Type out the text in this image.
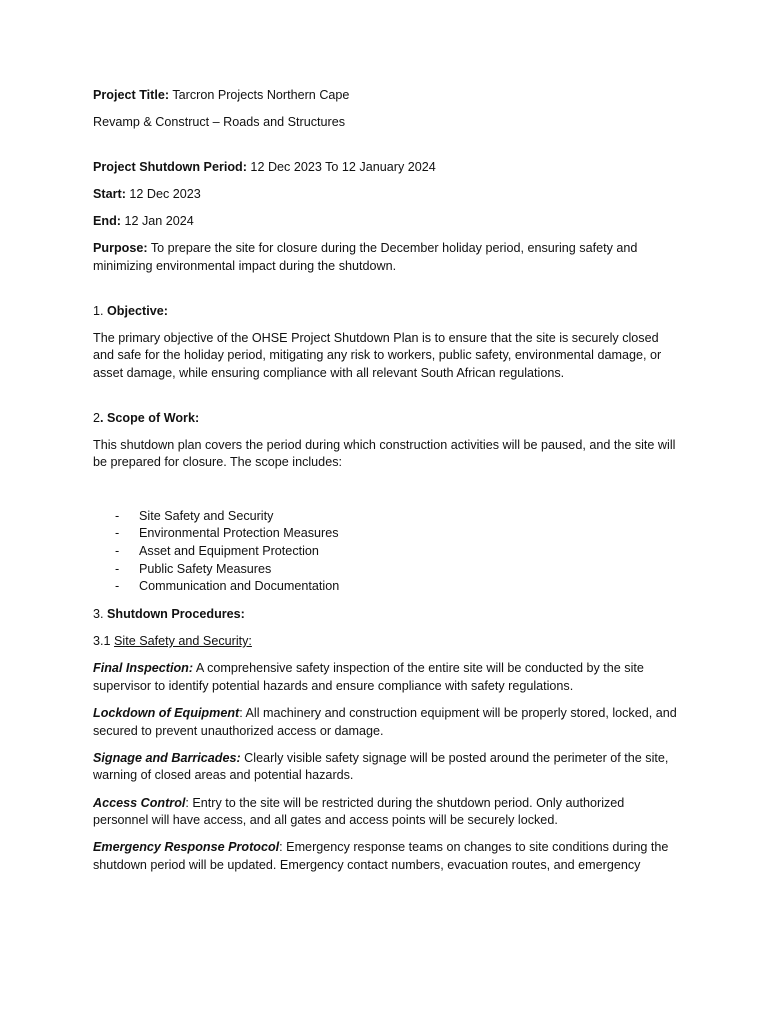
Project Title: Tarcron Projects Northern Cape

Revamp & Construct – Roads and Structures

Project Shutdown Period: 12 Dec 2023 To 12 January 2024

Start: 12 Dec 2023

End: 12 Jan 2024

Purpose: To prepare the site for closure during the December holiday period, ensuring safety and minimizing environmental impact during the shutdown.

1. Objective:

The primary objective of the OHSE Project Shutdown Plan is to ensure that the site is securely closed and safe for the holiday period, mitigating any risk to workers, public safety, environmental damage, or asset damage, while ensuring compliance with all relevant South African regulations.

2. Scope of Work:

This shutdown plan covers the period during which construction activities will be paused, and the site will be prepared for closure. The scope includes:

- Site Safety and Security
- Environmental Protection Measures
- Asset and Equipment Protection
- Public Safety Measures
- Communication and Documentation

3. Shutdown Procedures:

3.1 Site Safety and Security:

Final Inspection: A comprehensive safety inspection of the entire site will be conducted by the site supervisor to identify potential hazards and ensure compliance with safety regulations.

Lockdown of Equipment: All machinery and construction equipment will be properly stored, locked, and secured to prevent unauthorized access or damage.

Signage and Barricades: Clearly visible safety signage will be posted around the perimeter of the site, warning of closed areas and potential hazards.

Access Control: Entry to the site will be restricted during the shutdown period. Only authorized personnel will have access, and all gates and access points will be securely locked.

Emergency Response Protocol: Emergency response teams on changes to site conditions during the shutdown period will be updated. Emergency contact numbers, evacuation routes, and emergency
